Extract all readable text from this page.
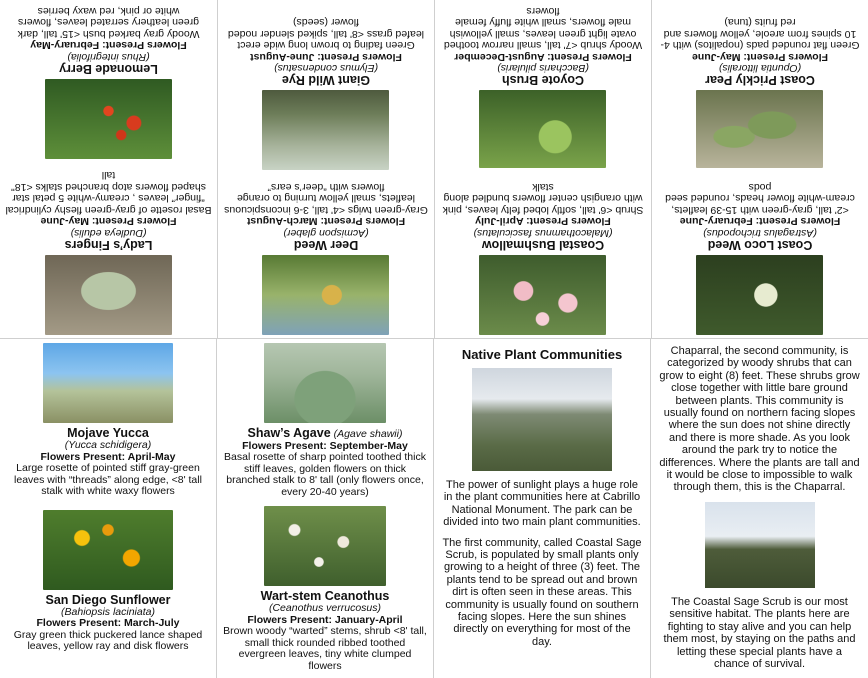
Coast Loco Weed
(Astragalus trichopodus)
Flowers Present: February-June
<2' tall, gray-green with 15-39 leaflets, cream-white flower heads, rounded seed pods
Coast Prickly Pear
(Opuntia littoralis)
Flowers Present: May-June
Green flat rounded pads (nopalitos) with 4-10 spines from areole, yellow flowers and red fruits (tuna)
Coastal Bushmallow
(Malacothamnus fasciculatus)
Flowers Present: April-July
Shrub <6' tall, softly lobed felty leaves, pink with orangish center flowers bundled along stalk
Coyote Brush
(Baccharis pilularis)
Flowers Present: August-December
Woody shrub <7' tall, small narrow toothed ovate light green leaves, small yellowish male flowers, small white fluffy female flowers
Deer Weed
(Acmispon glaber)
Flowers Present: March-August
Gray-green twigs <4' tall, 3-6 inconspicuous leaflets, small yellow turning to orange flowers with “deer’s ears”
Giant Wild Rye
(Elymus condensatus)
Flowers Present: June-August
Green fading to brown long wide erect leafed grass <8' tall, spiked slender noded flower (seeds)
Lady’s Fingers
(Dudleya edulis)
Flowers Present: May-June
Basal rosette of gray-green fleshy cylindrical “finger” leaves , creamy-white 5 petal star shaped flowers atop branched stalks <18" tall
Lemonade Berry
(Rhus integrifolia)
Flowers Present: February-May
Woody gray barked bush <15' tall, dark green leathery serrated leaves, flowers white or pink, red waxy berries
Mojave Yucca
(Yucca schidigera)
Flowers Present: April-May
Large rosette of pointed stiff gray-green leaves with “threads” along edge, <8' tall stalk with white waxy flowers
San Diego Sunflower
(Bahiopsis laciniata)
Flowers Present: March-July
Gray green thick puckered lance shaped leaves, yellow ray and disk flowers
Shaw’s Agave (Agave shawii)
Flowers Present: September-May
Basal rosette of sharp pointed toothed thick stiff leaves, golden flowers on thick branched stalk to 8' tall (only flowers once, every 20-40 years)
Wart-stem Ceanothus
(Ceanothus verrucosus)
Flowers Present: January-April
Brown woody “warted” stems, shrub <8' tall, small thick rounded ribbed toothed evergreen leaves, tiny white clumped flowers
Native Plant Communities

The power of sunlight plays a huge role in the plant communities here at Cabrillo National Monument. The park can be divided into two main plant communities.

The first community, called Coastal Sage Scrub, is populated by small plants only growing to a height of three (3) feet. The plants tend to be spread out and brown dirt is often seen in these areas. This community is usually found on southern facing slopes. Here the sun shines directly on everything for most of the day.

Chaparral, the second community, is categorized by woody shrubs that can grow to eight (8) feet. These shrubs grow close together with little bare ground between plants. This community is usually found on northern facing slopes where the sun does not shine directly and there is more shade. As you look around the park try to notice the differences. Where the plants are tall and it would be close to impossible to walk through them, this is the Chaparral.

The Coastal Sage Scrub is our most sensitive habitat. The plants here are fighting to stay alive and you can help them most, by staying on the paths and letting these special plants have a chance of survival.
